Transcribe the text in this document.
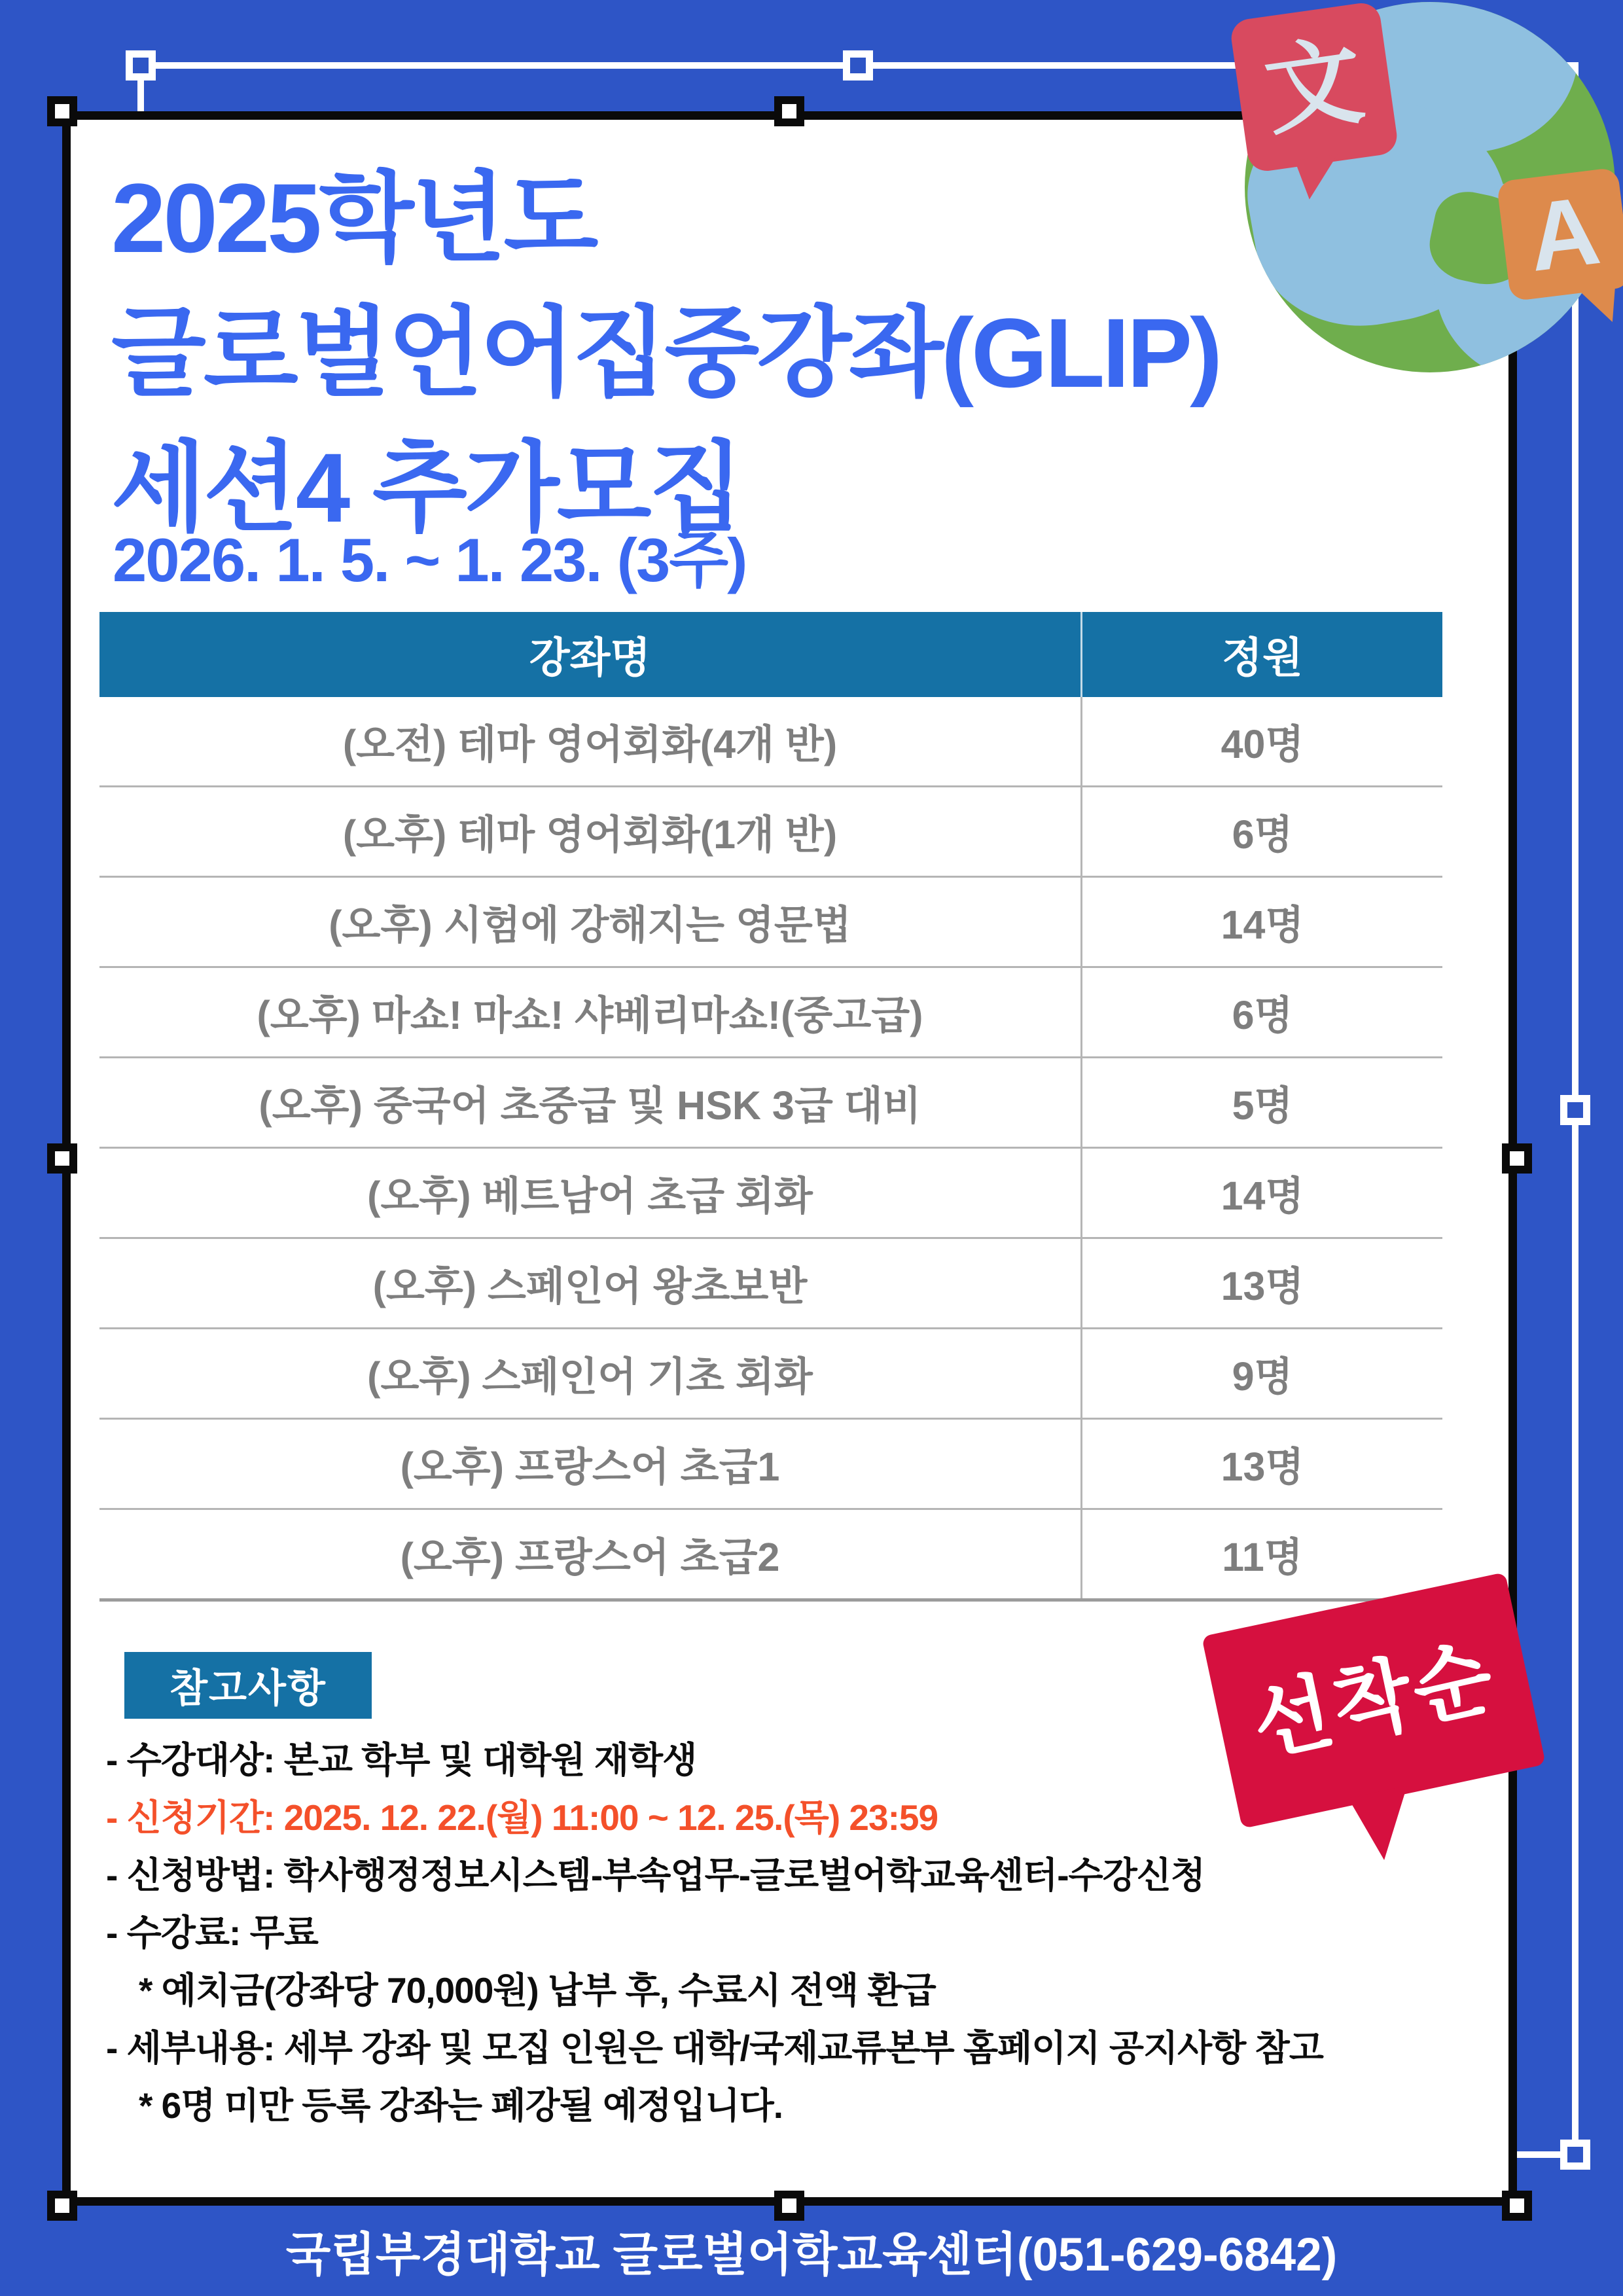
2025학년도
글로벌언어집중강좌(GLIP)
세션4 추가모집
2026. 1. 5. ~ 1. 23. (3주)
강좌명	정원
(오전) 테마 영어회화(4개 반)	40명
(오후) 테마 영어회화(1개 반)	6명
(오후) 시험에 강해지는 영문법	14명
(오후) 마쇼! 마쇼! 샤베리마쇼!(중고급)	6명
(오후) 중국어 초중급 및 HSK 3급 대비	5명
(오후) 베트남어 초급 회화	14명
(오후) 스페인어 왕초보반	13명
(오후) 스페인어 기초 회화	9명
(오후) 프랑스어 초급1	13명
(오후) 프랑스어 초급2	11명
참고사항
- 수강대상: 본교 학부 및 대학원 재학생
- 신청기간: 2025. 12. 22.(월) 11:00 ~ 12. 25.(목) 23:59
- 신청방법: 학사행정정보시스템-부속업무-글로벌어학교육센터-수강신청
- 수강료: 무료
* 예치금(강좌당 70,000원) 납부 후, 수료시 전액 환급
- 세부내용: 세부 강좌 및 모집 인원은 대학/국제교류본부 홈페이지 공지사항 참고
* 6명 미만 등록 강좌는 폐강될 예정입니다.
선착순
文
A
국립부경대학교 글로벌어학교육센터(051-629-6842)
